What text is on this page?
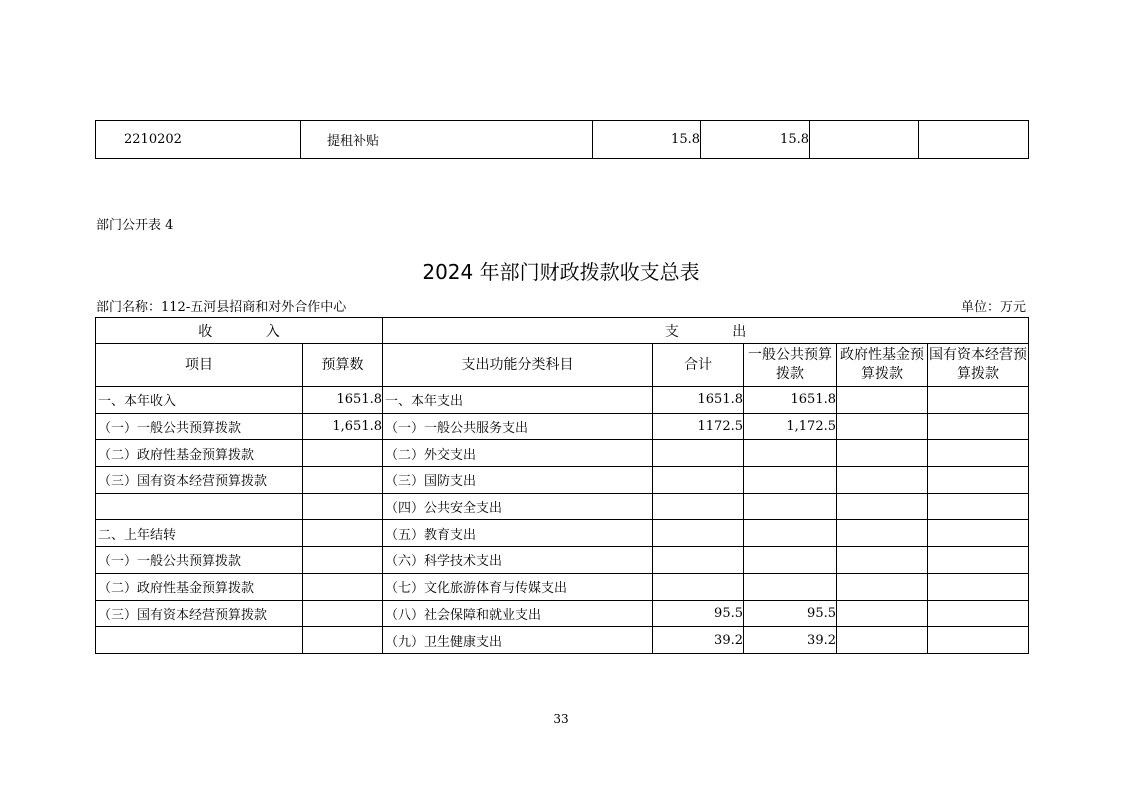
2210202	提租补贴	15.8	15.8		
部门公开表 4
2024 年部门财政拨款收支总表
部门名称：112-五河县招商和对外合作中心	单位：万元
收            入		支            出				
项目	预算数	支出功能分类科目	合计	一般公共预算拨款	政府性基金预算拨款	国有资本经营预算拨款
一、本年收入	1651.8	一、本年支出	1651.8	1651.8		
（一）一般公共预算拨款	1,651.8	（一）一般公共服务支出	1172.5	1,172.5		
（二）政府性基金预算拨款		（二）外交支出				
（三）国有资本经营预算拨款		（三）国防支出				
		（四）公共安全支出				
二、上年结转		（五）教育支出				
（一）一般公共预算拨款		（六）科学技术支出				
（二）政府性基金预算拨款		（七）文化旅游体育与传媒支出				
（三）国有资本经营预算拨款		（八）社会保障和就业支出	95.5	95.5		
		（九）卫生健康支出	39.2	39.2		
33
